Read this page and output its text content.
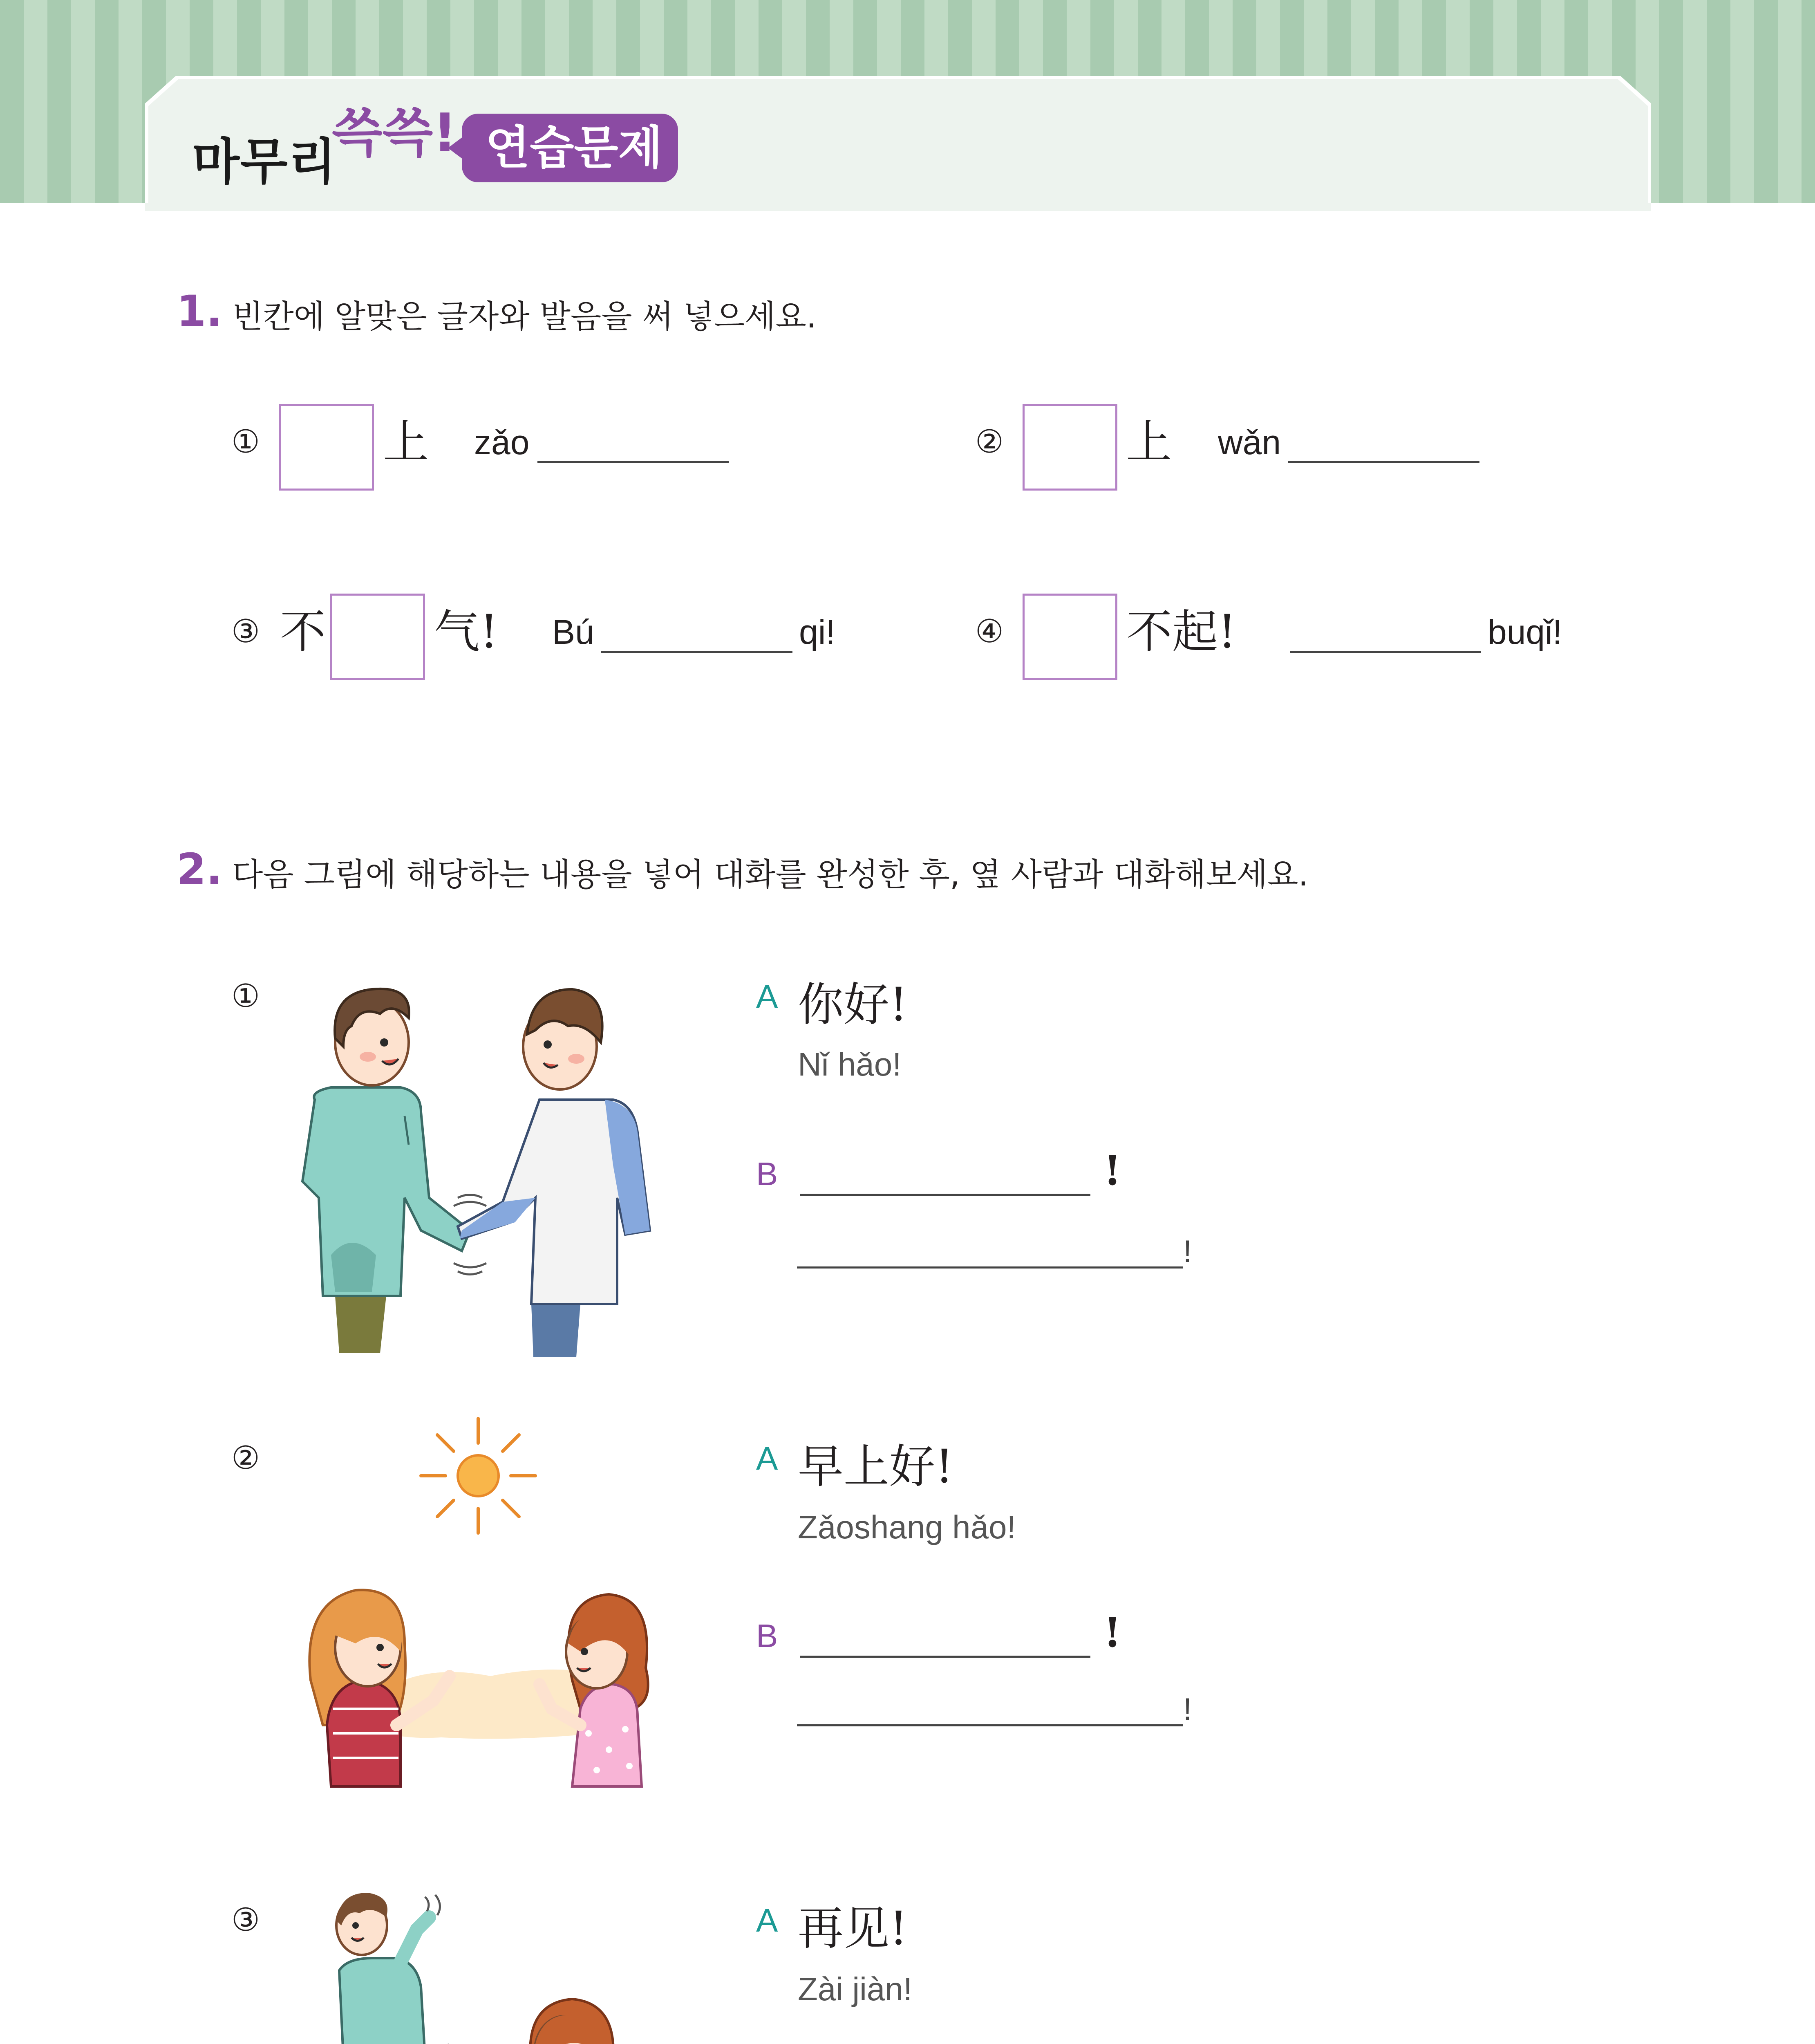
마무리
쓱쓱! 연습문제
1. 빈칸에 알맞은 글자와 발음을 써 넣으세요.
①	上 zǎo	②	上 wǎn
③ 不 气! Bú	qi!	④	不起!	buqǐ!
2. 다음 그림에 해당하는 내용을 넣어 대화를 완성한 후, 옆 사람과 대화해보세요.
①	A 你好!
Nǐ hǎo!
B	!
!
②	A 早上好!
Zǎoshang hǎo!
B	!
!
③	A 再见!
Zài jiàn!
